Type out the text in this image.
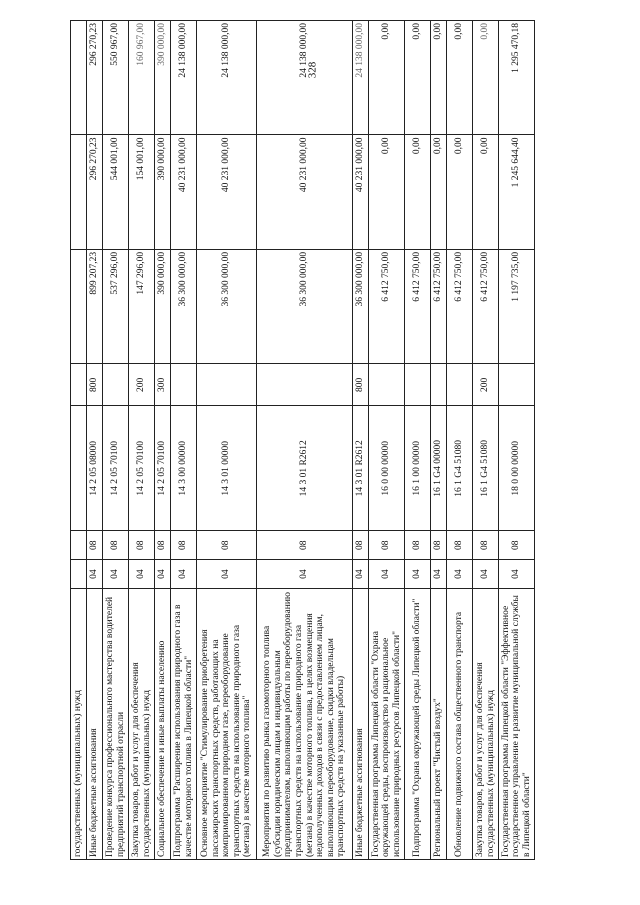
328
государственных (муниципальных) нужд							
Иные бюджетные ассигнования	04	08	14 2 05 08000	800	899 207,23	296 270,23	296 270,23
Проведение конкурса профессионального мастерства водителей предприятий транспортной отрасли	04	08	14 2 05 70100		537 296,00	544 001,00	550 967,00
Закупка товаров, работ и услуг для обеспечения государственных (муниципальных) нужд	04	08	14 2 05 70100	200	147 296,00	154 001,00	160 967,00
Социальное обеспечение и иные выплаты населению	04	08	14 2 05 70100	300	390 000,00	390 000,00	390 000,00
Подпрограмма "Расширение использования природного газа в качестве моторного топлива в Липецкой области"	04	08	14 3 00 00000		36 300 000,00	40 231 000,00	24 138 000,00
Основное мероприятие "Стимулирование приобретения пассажирских транспортных средств, работающих на компримированном природном газе, переоборудование транспортных средств на использование природного газа (метана) в качестве моторного топлива"	04	08	14 3 01 00000		36 300 000,00	40 231 000,00	24 138 000,00
Мероприятия по развитию рынка газомоторного топлива (субсидии юридическим лицам и индивидуальным предпринимателям, выполняющим работы по переоборудованию транспортных средств на использование природного газа (метана) в качестве моторного топлива, в целях возмещения недополученных доходов в связи с предоставлением лицам, выполняющим переоборудование, скидки владельцам транспортных средств на указанные работы)	04	08	14 3 01 R2612		36 300 000,00	40 231 000,00	24 138 000,00
Иные бюджетные ассигнования	04	08	14 3 01 R2612	800	36 300 000,00	40 231 000,00	24 138 000,00
Государственная программа Липецкой области "Охрана окружающей среды, воспроизводство и рациональное использование природных ресурсов Липецкой области"	04	08	16 0 00 00000		6 412 750,00	0,00	0,00
Подпрограмма "Охрана окружающей среды Липецкой области"	04	08	16 1 00 00000		6 412 750,00	0,00	0,00
Региональный проект "Чистый воздух"	04	08	16 1 G4 00000		6 412 750,00	0,00	0,00
Обновление подвижного состава общественного транспорта	04	08	16 1 G4 51080		6 412 750,00	0,00	0,00
Закупка товаров, работ и услуг для обеспечения государственных (муниципальных) нужд	04	08	16 1 G4 51080	200	6 412 750,00	0,00	0,00
Государственная программа Липецкой области "Эффективное государственное управление и развитие муниципальной службы в Липецкой области"	04	08	18 0 00 00000		1 197 735,00	1 245 644,40	1 295 470,18
